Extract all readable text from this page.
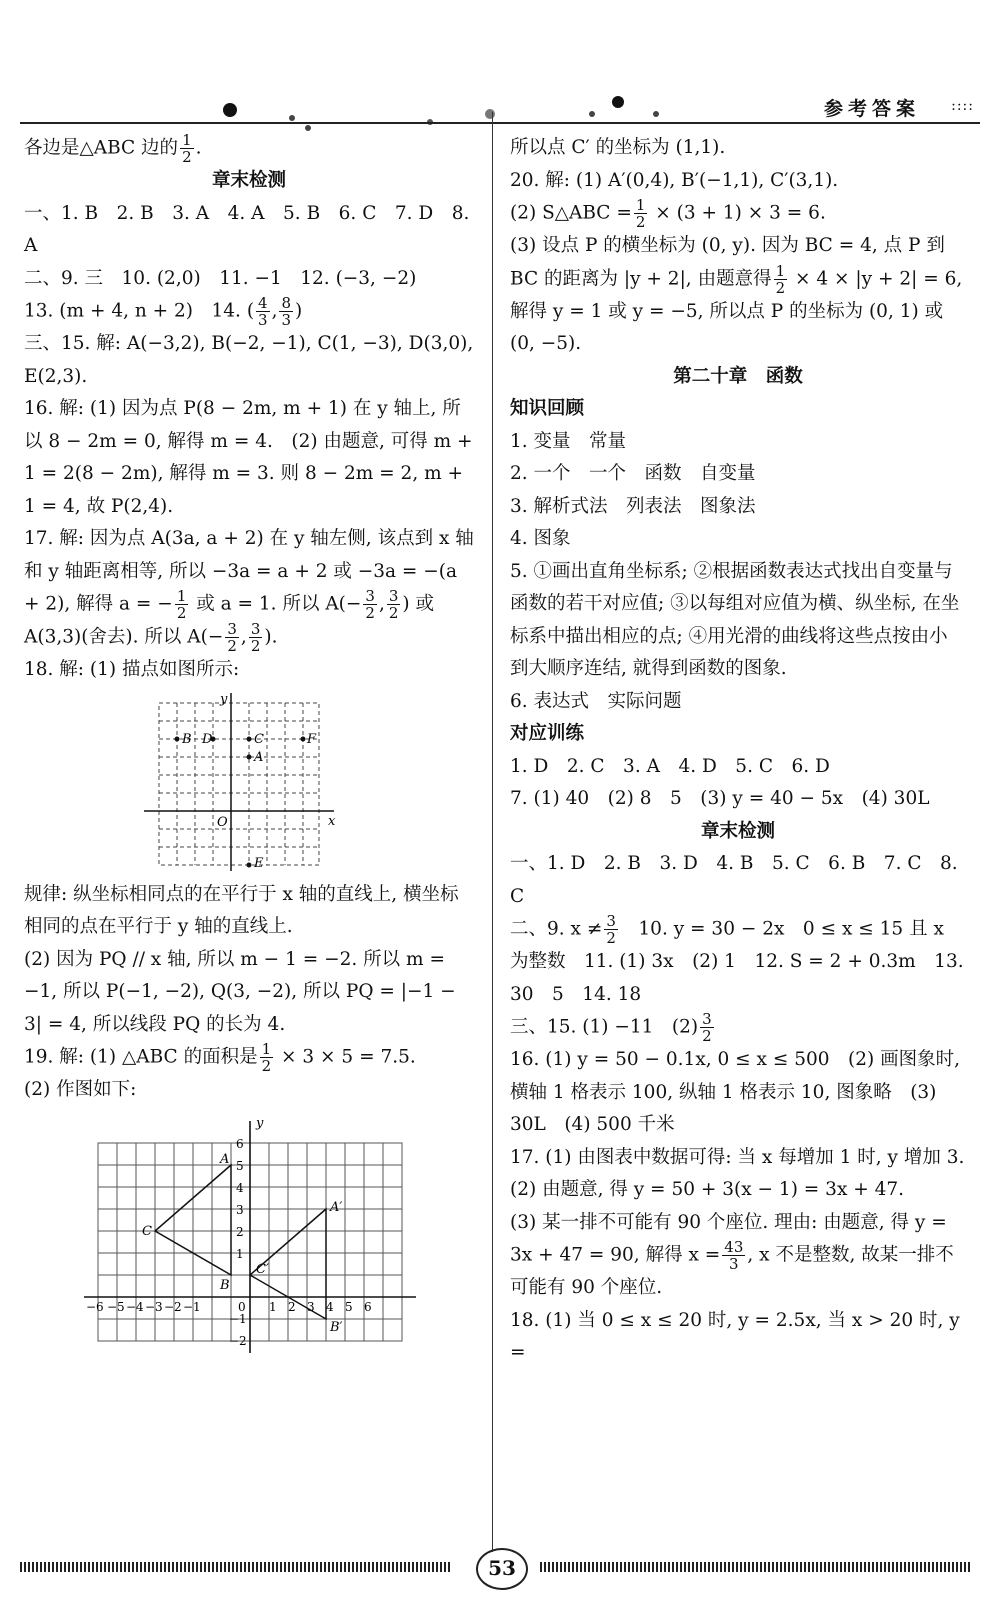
参考答案 ::::

各边是△ABC 边的 $\frac{1}{2}$ .

章末检测

一、1. B　2. B　3. A　4. A　5. B　6. C　7. D　8. A

二、9. 三　10. (2,0)　11. −1　12. (−3, −2)

13. (m + 4, n + 2)　14. ( $\frac{4}{3}$ , $\frac{8}{3}$ )

三、15. 解: A(−3,2), B(−2, −1), C(1, −3), D(3,0), E(2,3).

16. 解: (1) 因为点 P(8 − 2m, m + 1) 在 y 轴上, 所以 8 − 2m = 0, 解得 m = 4.　(2) 由题意, 可得 m + 1 = 2(8 − 2m), 解得 m = 3. 则 8 − 2m = 2, m + 1 = 4, 故 P(2,4).

17. 解: 因为点 A(3a, a + 2) 在 y 轴左侧, 该点到 x 轴和 y 轴距离相等, 所以 −3a = a + 2 或 −3a = −(a + 2), 解得 a = − $\frac{1}{2}$ 或 a = 1. 所以 $A(- \frac{3}{2}$ , $\frac{3}{2}$ ) 或 A(3,3)(舍去). 所以 $A(- \frac{3}{2}$ , $\frac{3}{2}$ ).

18. 解: (1) 描点如图所示:

y
x
O
B D	C	F
A
E

规律: 纵坐标相同点的在平行于 x 轴的直线上, 横坐标相同的点在平行于 y 轴的直线上.

(2) 因为 PQ // x 轴, 所以 m − 1 = −2. 所以 m = −1, 所以 P(−1, −2), Q(3, −2), 所以 PQ = |−1 − 3| = 4, 所以线段 PQ 的长为 4.

19. 解: (1) △ABC 的面积是 $\frac{1}{2} \times 3 \times 5 = 7.5$.

(2) 作图如下:

y
−6 −5 −4 −3 −2 −1	1 2 3 4 5 6
6
5
4
3
2
1
−1
−2
0
A
C
B
A′
C′
B′

所以点 C′ 的坐标为 (1,1).

20. 解: (1) A′(0,4), B′(−1,1), C′(3,1).

(2) S△ABC = $\frac{1}{2} \times (3 + 1) \times 3 = 6$.

(3) 设点 P 的横坐标为 (0, y). 因为 BC = 4, 点 P 到 BC 的距离为 |y + 2|, 由题意得 $\frac{1}{2} \times 4 \times |y + 2| = 6$, 解得 y = 1 或 y = −5, 所以点 P 的坐标为 (0, 1) 或 (0, −5).

第二十章　函数

知识回顾

1. 变量　常量

2. 一个　一个　函数　自变量

3. 解析式法　列表法　图象法

4. 图象

5. ①画出直角坐标系; ②根据函数表达式找出自变量与函数的若干对应值; ③以每组对应值为横、纵坐标, 在坐标系中描出相应的点; ④用光滑的曲线将这些点按由小到大顺序连结, 就得到函数的图象.

6. 表达式　实际问题

对应训练

1. D　2. C　3. A　4. D　5. C　6. D

7. (1) 40　(2) 8　5　(3) y = 40 − 5x　(4) 30L

章末检测

一、1. D　2. B　3. D　4. B　5. C　6. B　7. C　8. C

二、9. $x \ne \frac{3}{2}$ 　10. y = 30 − 2x　0 ≤ x ≤ 15 且 x 为整数　11. (1) 3x　(2) 1　12. S = 2 + 0.3m　13. 30　5　14. 18

三、15. (1) −11　$(2) \frac{3}{2}$

16. (1) y = 50 − 0.1x, 0 ≤ x ≤ 500　(2) 画图象时, 横轴 1 格表示 100, 纵轴 1 格表示 10, 图象略　(3) 30L　(4) 500 千米

17. (1) 由图表中数据可得: 当 x 每增加 1 时, y 增加 3.　(2) 由题意, 得 y = 50 + 3(x − 1) = 3x + 47.

(3) 某一排不可能有 90 个座位. 理由: 由题意, 得 y = 3x + 47 = 90, 解得 $x = \frac{43}{3}$ , x 不是整数, 故某一排不可能有 90 个座位.

18. (1) 当 0 ≤ x ≤ 20 时, y = 2.5x, 当 x > 20 时, y =

53
